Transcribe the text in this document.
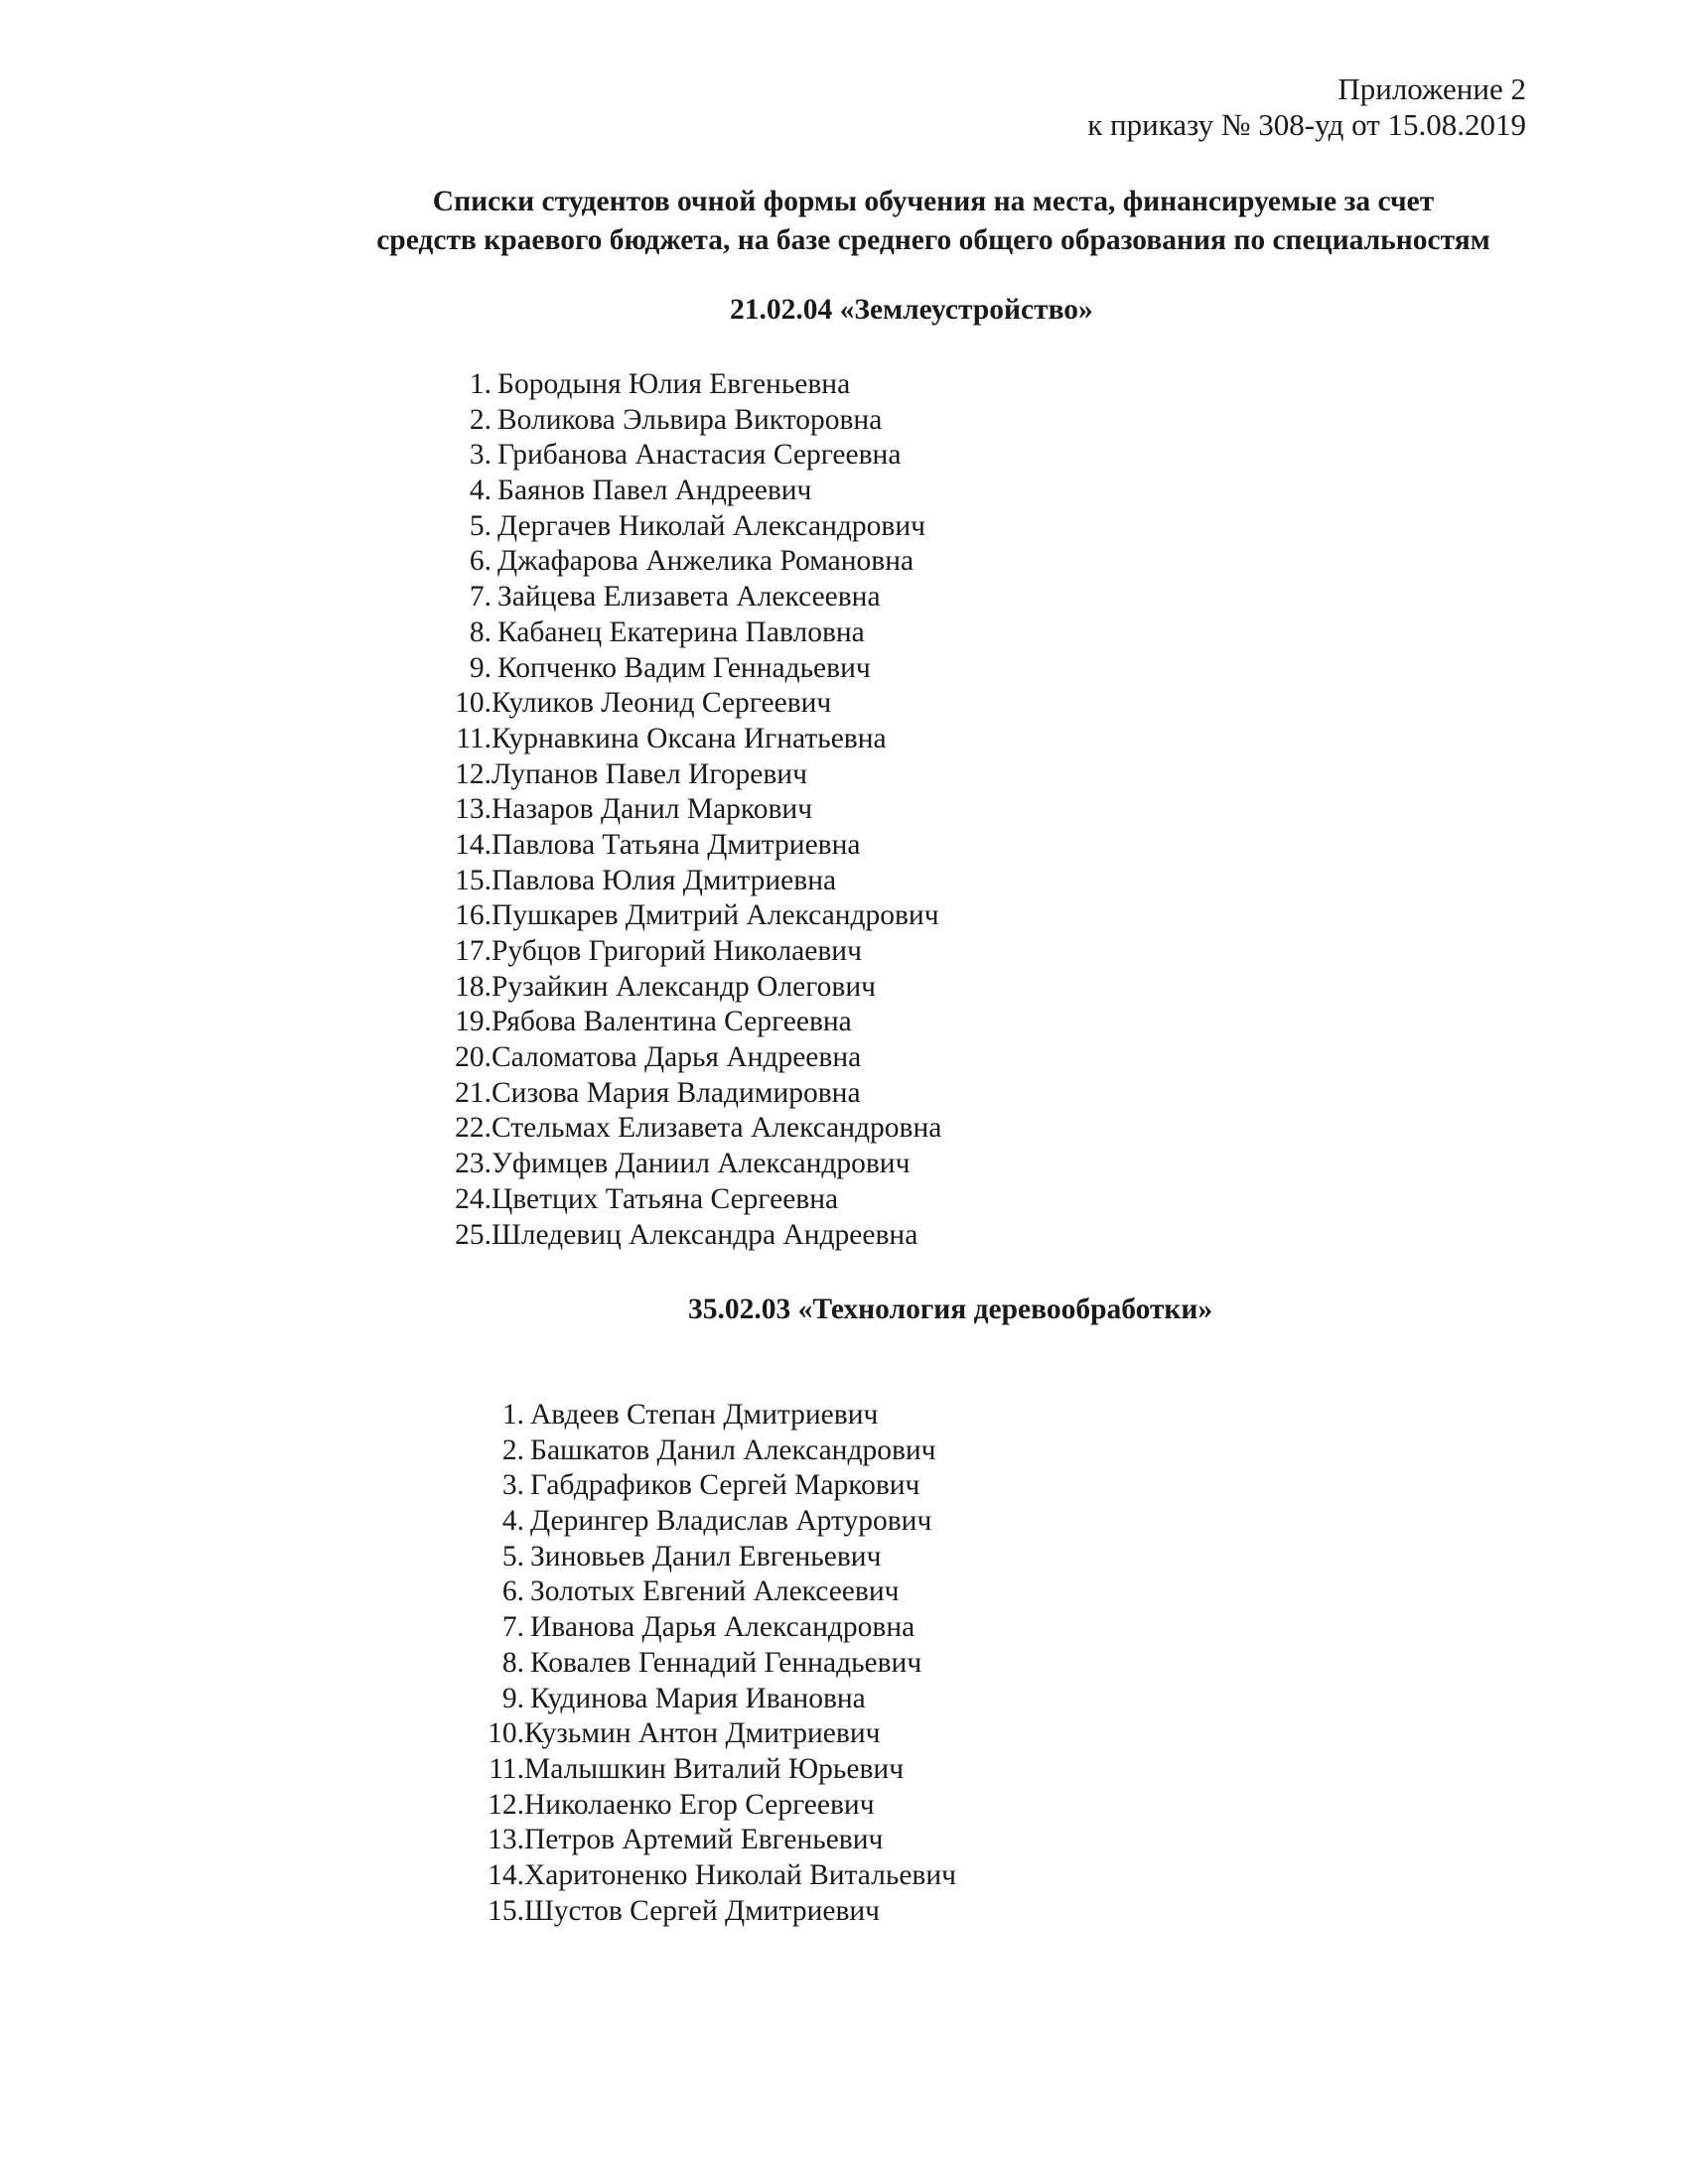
Приложение 2
к приказу № 308-уд от 15.08.2019
Списки студентов очной формы обучения на места, финансируемые за счет
средств краевого бюджета, на базе среднего общего образования по специальностям
21.02.04 «Землеустройство»
1. Бородыня Юлия Евгеньевна
2. Воликова Эльвира Викторовна
3. Грибанова Анастасия Сергеевна
4. Баянов Павел Андреевич
5. Дергачев Николай Александрович
6. Джафарова Анжелика Романовна
7. Зайцева Елизавета Алексеевна
8. Кабанец Екатерина Павловна
9. Копченко Вадим Геннадьевич
10. Куликов Леонид Сергеевич
11. Курнавкина Оксана Игнатьевна
12. Лупанов Павел Игоревич
13. Назаров Данил Маркович
14. Павлова Татьяна Дмитриевна
15. Павлова Юлия Дмитриевна
16. Пушкарев Дмитрий Александрович
17. Рубцов Григорий Николаевич
18. Рузайкин Александр Олегович
19. Рябова Валентина Сергеевна
20. Саломатова Дарья Андреевна
21. Сизова Мария Владимировна
22. Стельмах Елизавета Александровна
23. Уфимцев Даниил Александрович
24. Цветцих Татьяна Сергеевна
25. Шледевиц Александра Андреевна
35.02.03 «Технология деревообработки»
1. Авдеев Степан Дмитриевич
2. Башкатов Данил Александрович
3. Габдрафиков Сергей Маркович
4. Дерингер Владислав Артурович
5. Зиновьев Данил Евгеньевич
6. Золотых Евгений Алексеевич
7. Иванова Дарья Александровна
8. Ковалев Геннадий Геннадьевич
9. Кудинова Мария Ивановна
10. Кузьмин Антон Дмитриевич
11. Малышкин Виталий Юрьевич
12. Николаенко Егор Сергеевич
13. Петров Артемий Евгеньевич
14. Харитоненко Николай Витальевич
15. Шустов Сергей Дмитриевич
